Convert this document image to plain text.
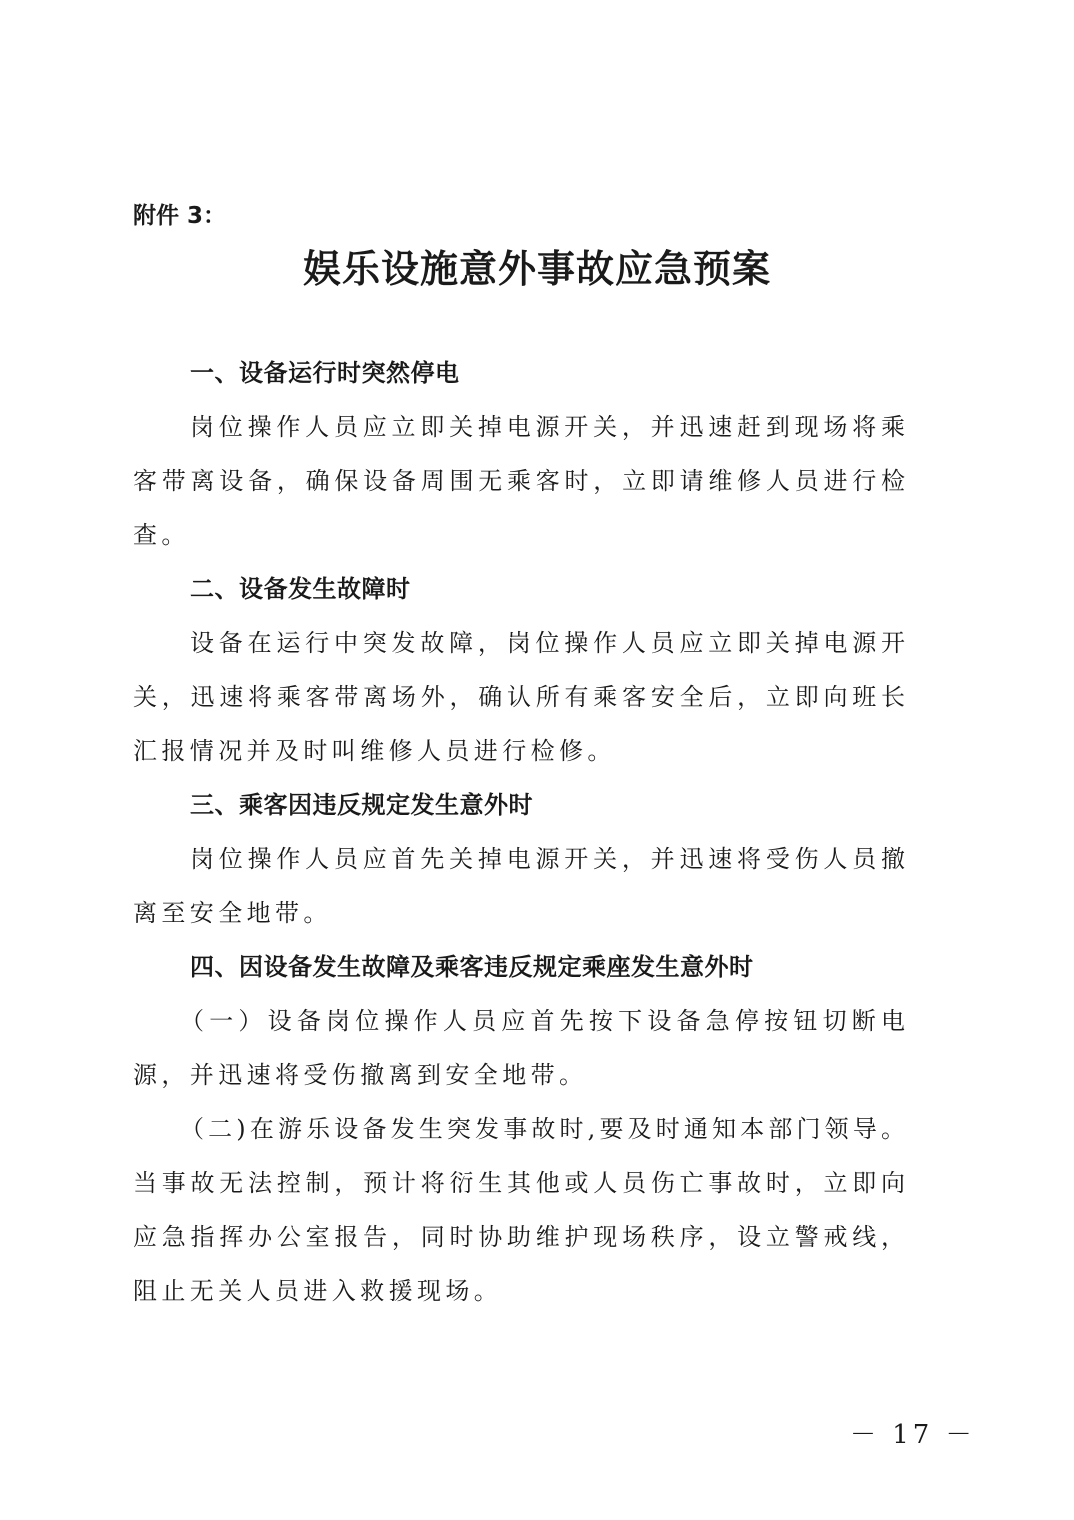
附件 3：
娱乐设施意外事故应急预案
一、设备运行时突然停电
岗位操作人员应立即关掉电源开关，并迅速赶到现场将乘
客带离设备，确保设备周围无乘客时，立即请维修人员进行检
查。
二、设备发生故障时
设备在运行中突发故障，岗位操作人员应立即关掉电源开
关，迅速将乘客带离场外，确认所有乘客安全后，立即向班长
汇报情况并及时叫维修人员进行检修。
三、乘客因违反规定发生意外时
岗位操作人员应首先关掉电源开关，并迅速将受伤人员撤
离至安全地带。
四、因设备发生故障及乘客违反规定乘座发生意外时
（一）设备岗位操作人员应首先按下设备急停按钮切断电
源，并迅速将受伤撤离到安全地带。
（二)在游乐设备发生突发事故时,要及时通知本部门领导。
当事故无法控制，预计将衍生其他或人员伤亡事故时，立即向
应急指挥办公室报告，同时协助维护现场秩序，设立警戒线，
阻止无关人员进入救援现场。
－ 17 －
